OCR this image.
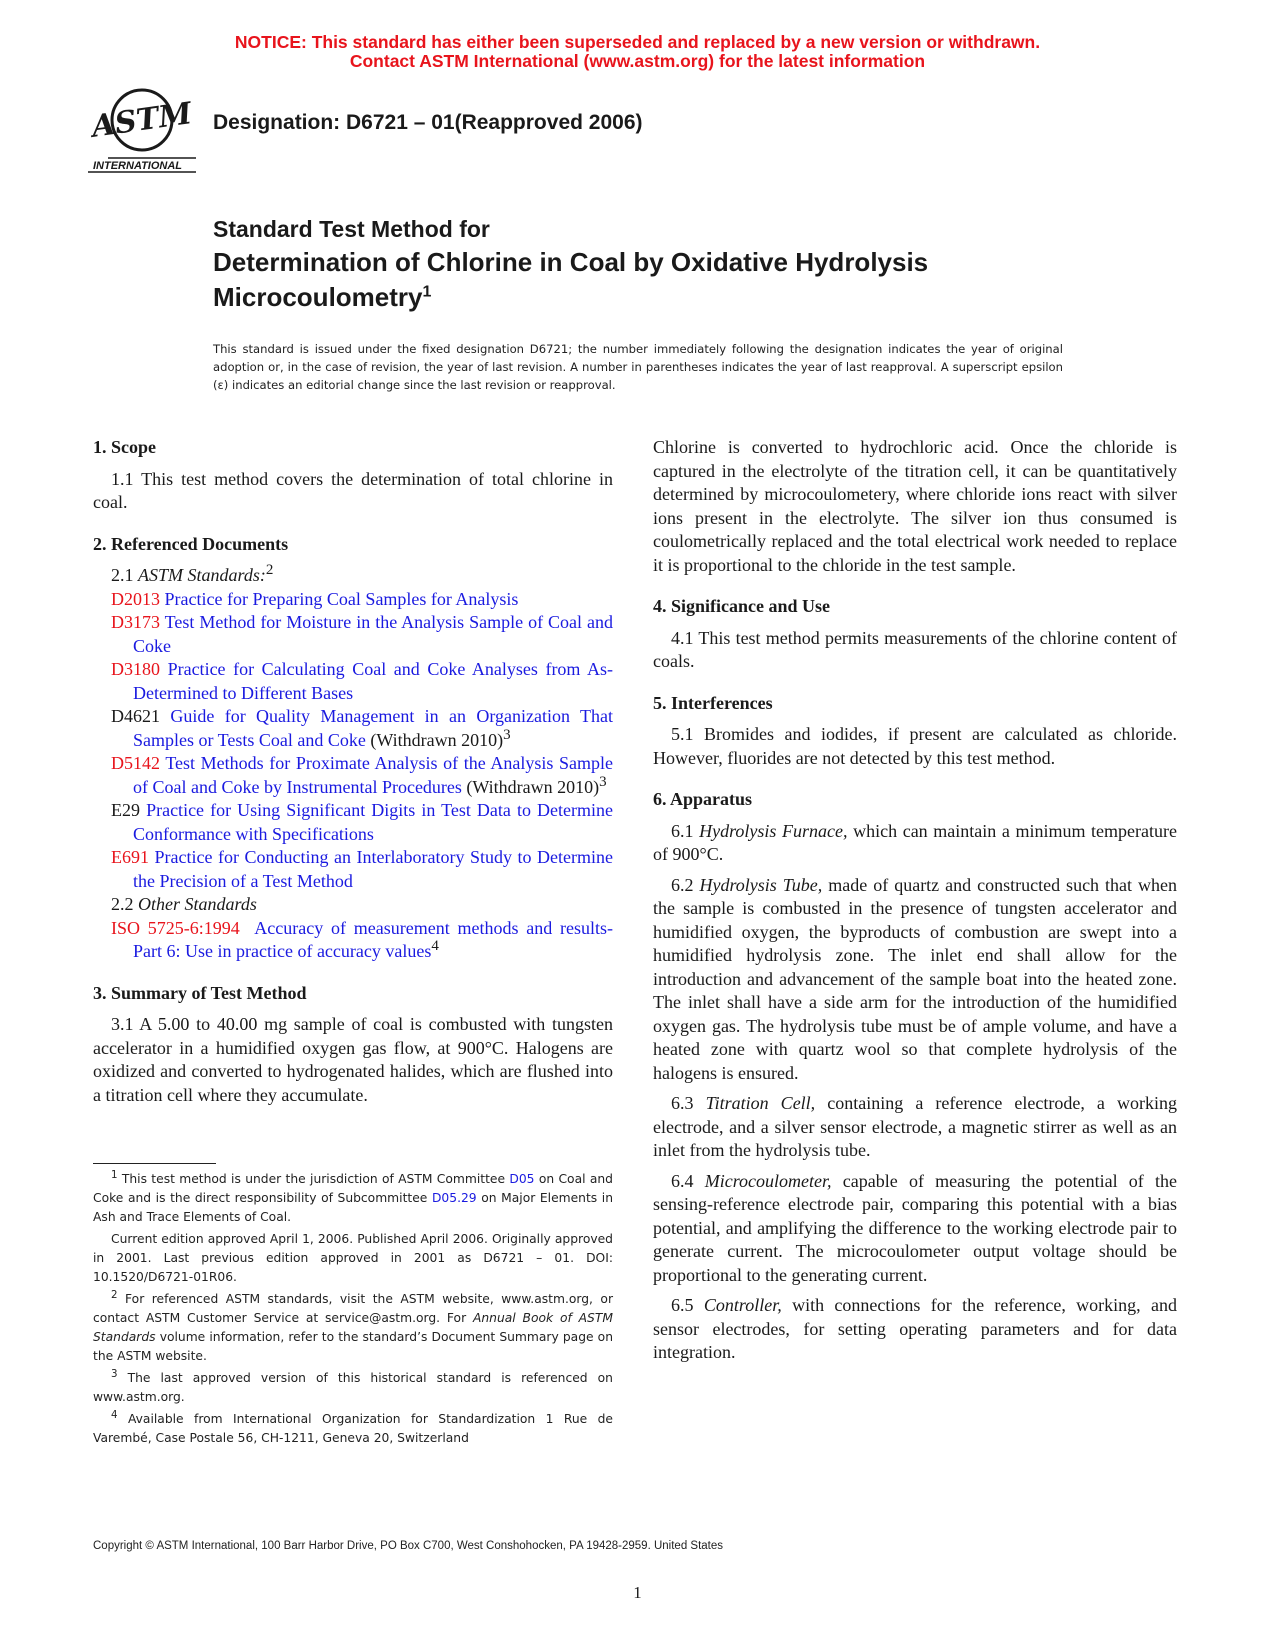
NOTICE: This standard has either been superseded and replaced by a new version or withdrawn.
Contact ASTM International (www.astm.org) for the latest information
ASTM
INTERNATIONAL
Designation: D6721 – 01(Reapproved 2006)
Standard Test Method for
Determination of Chlorine in Coal by Oxidative Hydrolysis
Microcoulometry$^1$
This standard is issued under the fixed designation D6721; the number immediately following the designation indicates the year of original adoption or, in the case of revision, the year of last revision. A number in parentheses indicates the year of last reapproval. A superscript epsilon (ε) indicates an editorial change since the last revision or reapproval.

1. Scope

1.1 This test method covers the determination of total chlorine in coal.

2. Referenced Documents

2.1 ASTM Standards:$^2$

D2013 Practice for Preparing Coal Samples for Analysis

D3173 Test Method for Moisture in the Analysis Sample of Coal and Coke

D3180 Practice for Calculating Coal and Coke Analyses from As-Determined to Different Bases

D4621 Guide for Quality Management in an Organization That Samples or Tests Coal and Coke (Withdrawn 2010)$^3$

D5142 Test Methods for Proximate Analysis of the Analysis Sample of Coal and Coke by Instrumental Procedures (Withdrawn 2010)$^3$

E29 Practice for Using Significant Digits in Test Data to Determine Conformance with Specifications

E691 Practice for Conducting an Interlaboratory Study to Determine the Precision of a Test Method

2.2 Other Standards

ISO 5725-6:1994 Accuracy of measurement methods and results-Part 6: Use in practice of accuracy values$^4$

3. Summary of Test Method

3.1 A 5.00 to 40.00 mg sample of coal is combusted with tungsten accelerator in a humidified oxygen gas flow, at 900°C. Halogens are oxidized and converted to hydrogenated halides, which are flushed into a titration cell where they accumulate.

$^1$ This test method is under the jurisdiction of ASTM Committee D05 on Coal and Coke and is the direct responsibility of Subcommittee D05.29 on Major Elements in Ash and Trace Elements of Coal.

Current edition approved April 1, 2006. Published April 2006. Originally approved in 2001. Last previous edition approved in 2001 as D6721 – 01. DOI: 10.1520/D6721-01R06.

$^2$ For referenced ASTM standards, visit the ASTM website, www.astm.org, or contact ASTM Customer Service at service@astm.org. For Annual Book of ASTM Standards volume information, refer to the standard’s Document Summary page on the ASTM website.

$^3$ The last approved version of this historical standard is referenced on www.astm.org.

$^4$ Available from International Organization for Standardization 1 Rue de Varembé, Case Postale 56, CH-1211, Geneva 20, Switzerland

Chlorine is converted to hydrochloric acid. Once the chloride is captured in the electrolyte of the titration cell, it can be quantitatively determined by microcoulometery, where chloride ions react with silver ions present in the electrolyte. The silver ion thus consumed is coulometrically replaced and the total electrical work needed to replace it is proportional to the chloride in the test sample.

4. Significance and Use

4.1 This test method permits measurements of the chlorine content of coals.

5. Interferences

5.1 Bromides and iodides, if present are calculated as chloride. However, fluorides are not detected by this test method.

6. Apparatus

6.1 Hydrolysis Furnace, which can maintain a minimum temperature of 900°C.

6.2 Hydrolysis Tube, made of quartz and constructed such that when the sample is combusted in the presence of tungsten accelerator and humidified oxygen, the byproducts of combustion are swept into a humidified hydrolysis zone. The inlet end shall allow for the introduction and advancement of the sample boat into the heated zone. The inlet shall have a side arm for the introduction of the humidified oxygen gas. The hydrolysis tube must be of ample volume, and have a heated zone with quartz wool so that complete hydrolysis of the halogens is ensured.

6.3 Titration Cell, containing a reference electrode, a working electrode, and a silver sensor electrode, a magnetic stirrer as well as an inlet from the hydrolysis tube.

6.4 Microcoulometer, capable of measuring the potential of the sensing-reference electrode pair, comparing this potential with a bias potential, and amplifying the difference to the working electrode pair to generate current. The microcoulometer output voltage should be proportional to the generating current.

6.5 Controller, with connections for the reference, working, and sensor electrodes, for setting operating parameters and for data integration.

Copyright © ASTM International, 100 Barr Harbor Drive, PO Box C700, West Conshohocken, PA 19428-2959. United States
1
